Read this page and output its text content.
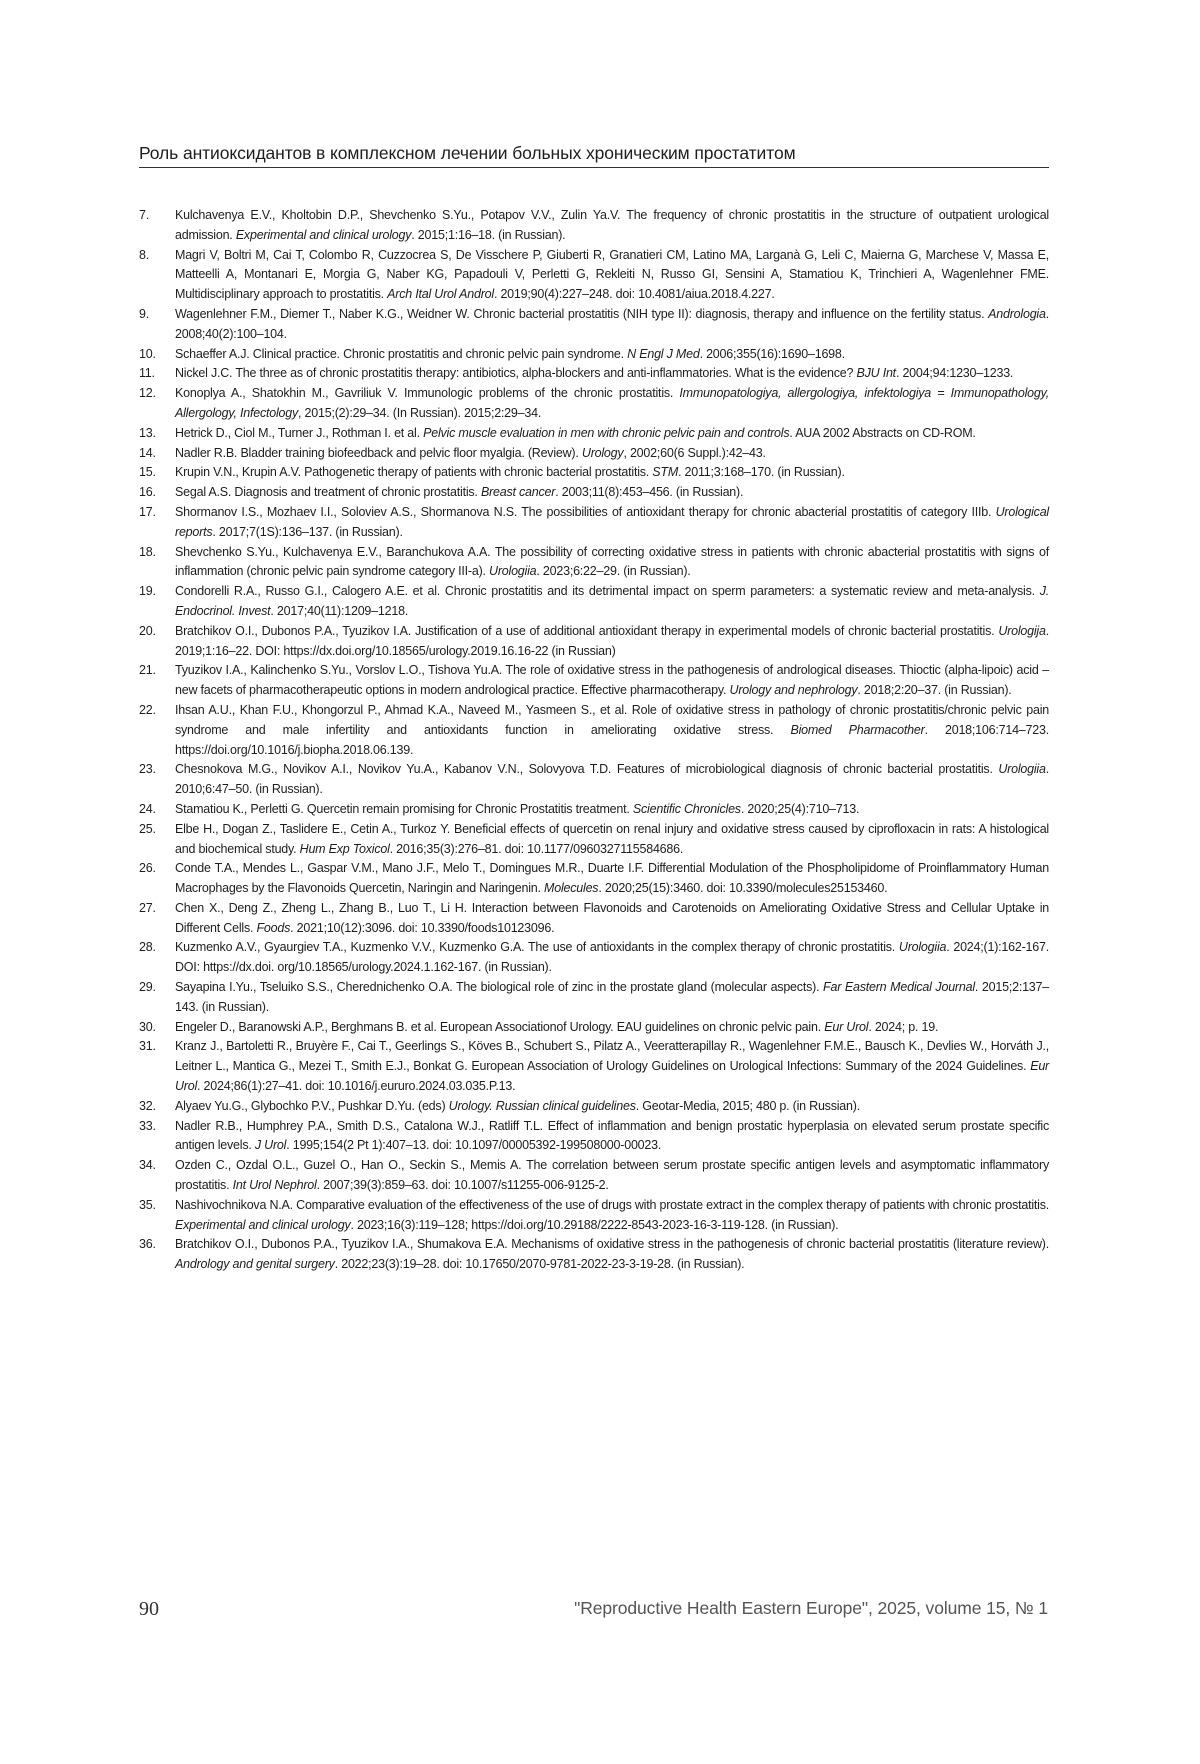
Роль антиоксидантов в комплексном лечении больных хроническим простатитом
7.	Kulchavenya E.V., Kholtobin D.P., Shevchenko S.Yu., Potapov V.V., Zulin Ya.V. The frequency of chronic prostatitis in the structure of outpatient urological admission. Experimental and clinical urology. 2015;1:16–18. (in Russian).
8.	Magri V, Boltri M, Cai T, Colombo R, Cuzzocrea S, De Visschere P, Giuberti R, Granatieri CM, Latino MA, Larganà G, Leli C, Maierna G, Marchese V, Massa E, Matteelli A, Montanari E, Morgia G, Naber KG, Papadouli V, Perletti G, Rekleiti N, Russo GI, Sensini A, Stamatiou K, Trinchieri A, Wagenlehner FME. Multidisciplinary approach to prostatitis. Arch Ital Urol Androl. 2019;90(4):227–248. doi: 10.4081/aiua.2018.4.227.
9.	Wagenlehner F.M., Diemer T., Naber K.G., Weidner W. Chronic bacterial prostatitis (NIH type II): diagnosis, therapy and influence on the fertility status. Andrologia. 2008;40(2):100–104.
10.	Schaeffer A.J. Clinical practice. Chronic prostatitis and chronic pelvic pain syndrome. N Engl J Med. 2006;355(16):1690–1698.
11.	Nickel J.C. The three as of chronic prostatitis therapy: antibiotics, alpha-blockers and anti-inflammatories. What is the evidence? BJU Int. 2004;94:1230–1233.
12.	Konoplya A., Shatokhin M., Gavriliuk V. Immunologic problems of the chronic prostatitis. Immunopatologiya, allergologiya, infektologiya = Immunopathology, Allergology, Infectology, 2015;(2):29–34. (In Russian). 2015;2:29–34.
13.	Hetrick D., Ciol M., Turner J., Rothman I. et al. Pelvic muscle evaluation in men with chronic pelvic pain and controls. AUA 2002 Abstracts on CD-ROM.
14.	Nadler R.B. Bladder training biofeedback and pelvic floor myalgia. (Review). Urology, 2002;60(6 Suppl.):42–43.
15.	Krupin V.N., Krupin A.V. Pathogenetic therapy of patients with chronic bacterial prostatitis. STM. 2011;3:168–170. (in Russian).
16.	Segal A.S. Diagnosis and treatment of chronic prostatitis. Breast cancer. 2003;11(8):453–456. (in Russian).
17.	Shormanov I.S., Mozhaev I.I., Soloviev A.S., Shormanova N.S. The possibilities of antioxidant therapy for chronic abacterial prostatitis of category IIIb. Urological reports. 2017;7(1S):136–137. (in Russian).
18.	Shevchenko S.Yu., Kulchavenya E.V., Baranchukova A.A. The possibility of correcting oxidative stress in patients with chronic abacterial prostatitis with signs of inflammation (chronic pelvic pain syndrome category III-a). Urologiia. 2023;6:22–29. (in Russian).
19.	Condorelli R.A., Russo G.I., Calogero A.E. et al. Chronic prostatitis and its detrimental impact on sperm parameters: a systematic review and meta-analysis. J. Endocrinol. Invest. 2017;40(11):1209–1218.
20.	Bratchikov O.I., Dubonos P.A., Tyuzikov I.A. Justification of a use of additional antioxidant therapy in experimental models of chronic bacterial prostatitis. Urologija. 2019;1:16–22. DOI: https://dx.doi.org/10.18565/urology.2019.16.16-22 (in Russian)
21.	Tyuzikov I.A., Kalinchenko S.Yu., Vorslov L.O., Tishova Yu.A. The role of oxidative stress in the pathogenesis of andrological diseases. Thioctic (alpha-lipoic) acid – new facets of pharmacotherapeutic options in modern andrological practice. Effective pharmacotherapy. Urology and nephrology. 2018;2:20–37. (in Russian).
22.	Ihsan A.U., Khan F.U., Khongorzul P., Ahmad K.A., Naveed M., Yasmeen S., et al. Role of oxidative stress in pathology of chronic prostatitis/chronic pelvic pain syndrome and male infertility and antioxidants function in ameliorating oxidative stress. Biomed Pharmacother. 2018;106:714–723. https://doi.org/10.1016/j.biopha.2018.06.139.
23.	Chesnokova M.G., Novikov A.I., Novikov Yu.A., Kabanov V.N., Solovyova T.D. Features of microbiological diagnosis of chronic bacterial prostatitis. Urologiia. 2010;6:47–50. (in Russian).
24.	Stamatiou K., Perletti G. Quercetin remain promising for Chronic Prostatitis treatment. Scientific Chronicles. 2020;25(4):710–713.
25.	Elbe H., Dogan Z., Taslidere E., Cetin A., Turkoz Y. Beneficial effects of quercetin on renal injury and oxidative stress caused by ciprofloxacin in rats: A histological and biochemical study. Hum Exp Toxicol. 2016;35(3):276–81. doi: 10.1177/0960327115584686.
26.	Conde T.A., Mendes L., Gaspar V.M., Mano J.F., Melo T., Domingues M.R., Duarte I.F. Differential Modulation of the Phospholipidome of Proinflammatory Human Macrophages by the Flavonoids Quercetin, Naringin and Naringenin. Molecules. 2020;25(15):3460. doi: 10.3390/molecules25153460.
27.	Chen X., Deng Z., Zheng L., Zhang B., Luo T., Li H. Interaction between Flavonoids and Carotenoids on Ameliorating Oxidative Stress and Cellular Uptake in Different Cells. Foods. 2021;10(12):3096. doi: 10.3390/foods10123096.
28.	Kuzmenko A.V., Gyaurgiev T.A., Kuzmenko V.V., Kuzmenko G.A. The use of antioxidants in the complex therapy of chronic prostatitis. Urologiia. 2024;(1):162-167. DOI: https://dx.doi. org/10.18565/urology.2024.1.162-167. (in Russian).
29.	Sayapina I.Yu., Tseluiko S.S., Cherednichenko O.A. The biological role of zinc in the prostate gland (molecular aspects). Far Eastern Medical Journal. 2015;2:137–143. (in Russian).
30.	Engeler D., Baranowski A.P., Berghmans B. et al. European Associationof Urology. EAU guidelines on chronic pelvic pain. Eur Urol. 2024; p. 19.
31.	Kranz J., Bartoletti R., Bruyère F., Cai T., Geerlings S., Köves B., Schubert S., Pilatz A., Veeratterapillay R., Wagenlehner F.M.E., Bausch K., Devlies W., Horváth J., Leitner L., Mantica G., Mezei T., Smith E.J., Bonkat G. European Association of Urology Guidelines on Urological Infections: Summary of the 2024 Guidelines. Eur Urol. 2024;86(1):27–41. doi: 10.1016/j.eururo.2024.03.035.P.13.
32.	Alyaev Yu.G., Glybochko P.V., Pushkar D.Yu. (eds) Urology. Russian clinical guidelines. Geotar-Media, 2015; 480 p. (in Russian).
33.	Nadler R.B., Humphrey P.A., Smith D.S., Catalona W.J., Ratliff T.L. Effect of inflammation and benign prostatic hyperplasia on elevated serum prostate specific antigen levels. J Urol. 1995;154(2 Pt 1):407–13. doi: 10.1097/00005392-199508000-00023.
34.	Ozden C., Ozdal O.L., Guzel O., Han O., Seckin S., Memis A. The correlation between serum prostate specific antigen levels and asymptomatic inflammatory prostatitis. Int Urol Nephrol. 2007;39(3):859–63. doi: 10.1007/s11255-006-9125-2.
35.	Nashivochnikova N.A. Comparative evaluation of the effectiveness of the use of drugs with prostate extract in the complex therapy of patients with chronic prostatitis. Experimental and clinical urology. 2023;16(3):119–128; https://doi.org/10.29188/2222-8543-2023-16-3-119-128. (in Russian).
36.	Bratchikov O.I., Dubonos P.A., Tyuzikov I.A., Shumakova E.A. Mechanisms of oxidative stress in the pathogenesis of chronic bacterial prostatitis (literature review). Andrology and genital surgery. 2022;23(3):19–28. doi: 10.17650/2070-9781-2022-23-3-19-28. (in Russian).
90	"Reproductive Health Eastern Europe", 2025, volume 15, № 1
